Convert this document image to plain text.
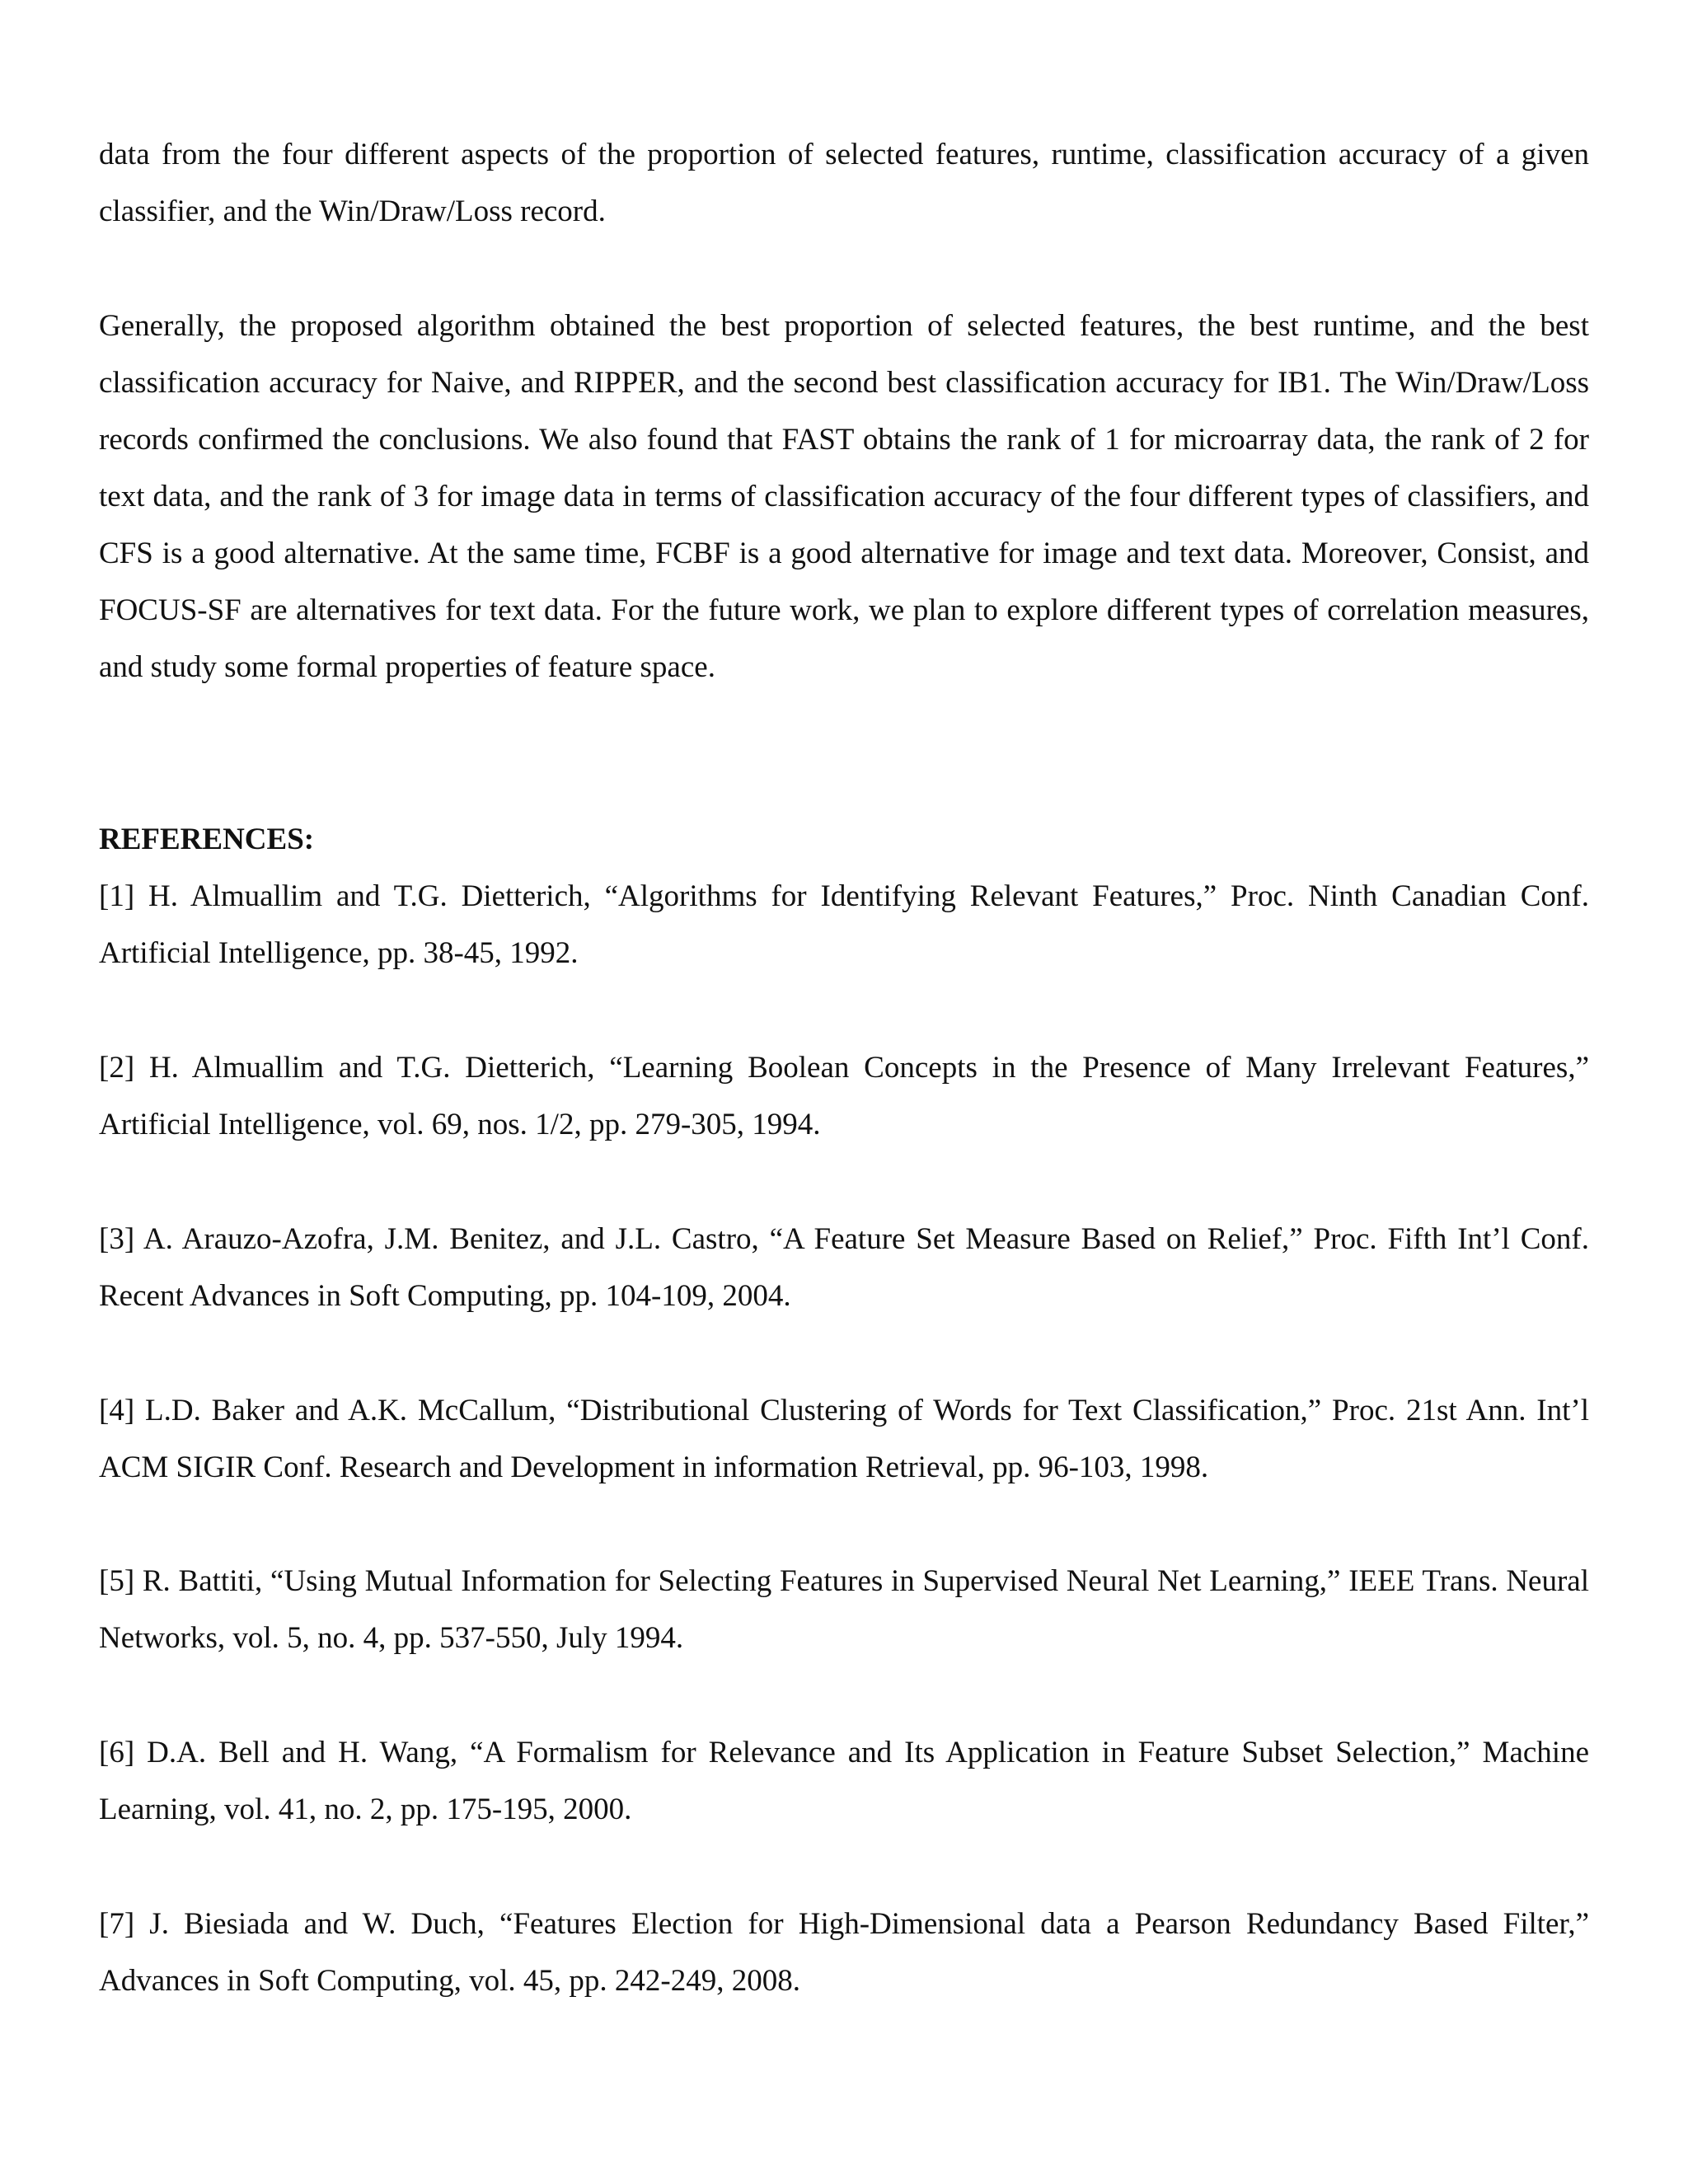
data from the four different aspects of the proportion of selected features, runtime, classification accuracy of a given classifier, and the Win/Draw/Loss record.

Generally, the proposed algorithm obtained the best proportion of selected features, the best runtime, and the best classification accuracy for Naive, and RIPPER, and the second best classification accuracy for IB1. The Win/Draw/Loss records confirmed the conclusions. We also found that FAST obtains the rank of 1 for microarray data, the rank of 2 for text data, and the rank of 3 for image data in terms of classification accuracy of the four different types of classifiers, and CFS is a good alternative. At the same time, FCBF is a good alternative for image and text data. Moreover, Consist, and FOCUS-SF are alternatives for text data. For the future work, we plan to explore different types of correlation measures, and study some formal properties of feature space.

REFERENCES:

[1] H. Almuallim and T.G. Dietterich, “Algorithms for Identifying Relevant Features,” Proc. Ninth Canadian Conf. Artificial Intelligence, pp. 38-45, 1992.

[2] H. Almuallim and T.G. Dietterich, “Learning Boolean Concepts in the Presence of Many Irrelevant Features,” Artificial Intelligence, vol. 69, nos. 1/2, pp. 279-305, 1994.

[3] A. Arauzo-Azofra, J.M. Benitez, and J.L. Castro, “A Feature Set Measure Based on Relief,” Proc. Fifth Int’l Conf. Recent Advances in Soft Computing, pp. 104-109, 2004.

[4] L.D. Baker and A.K. McCallum, “Distributional Clustering of Words for Text Classification,” Proc. 21st Ann. Int’l ACM SIGIR Conf. Research and Development in information Retrieval, pp. 96-103, 1998.

[5] R. Battiti, “Using Mutual Information for Selecting Features in Supervised Neural Net Learning,” IEEE Trans. Neural Networks, vol. 5, no. 4, pp. 537-550, July 1994.

[6] D.A. Bell and H. Wang, “A Formalism for Relevance and Its Application in Feature Subset Selection,” Machine Learning, vol. 41, no. 2, pp. 175-195, 2000.

[7] J. Biesiada and W. Duch, “Features Election for High-Dimensional data a Pearson Redundancy Based Filter,” Advances in Soft Computing, vol. 45, pp. 242-249, 2008.
